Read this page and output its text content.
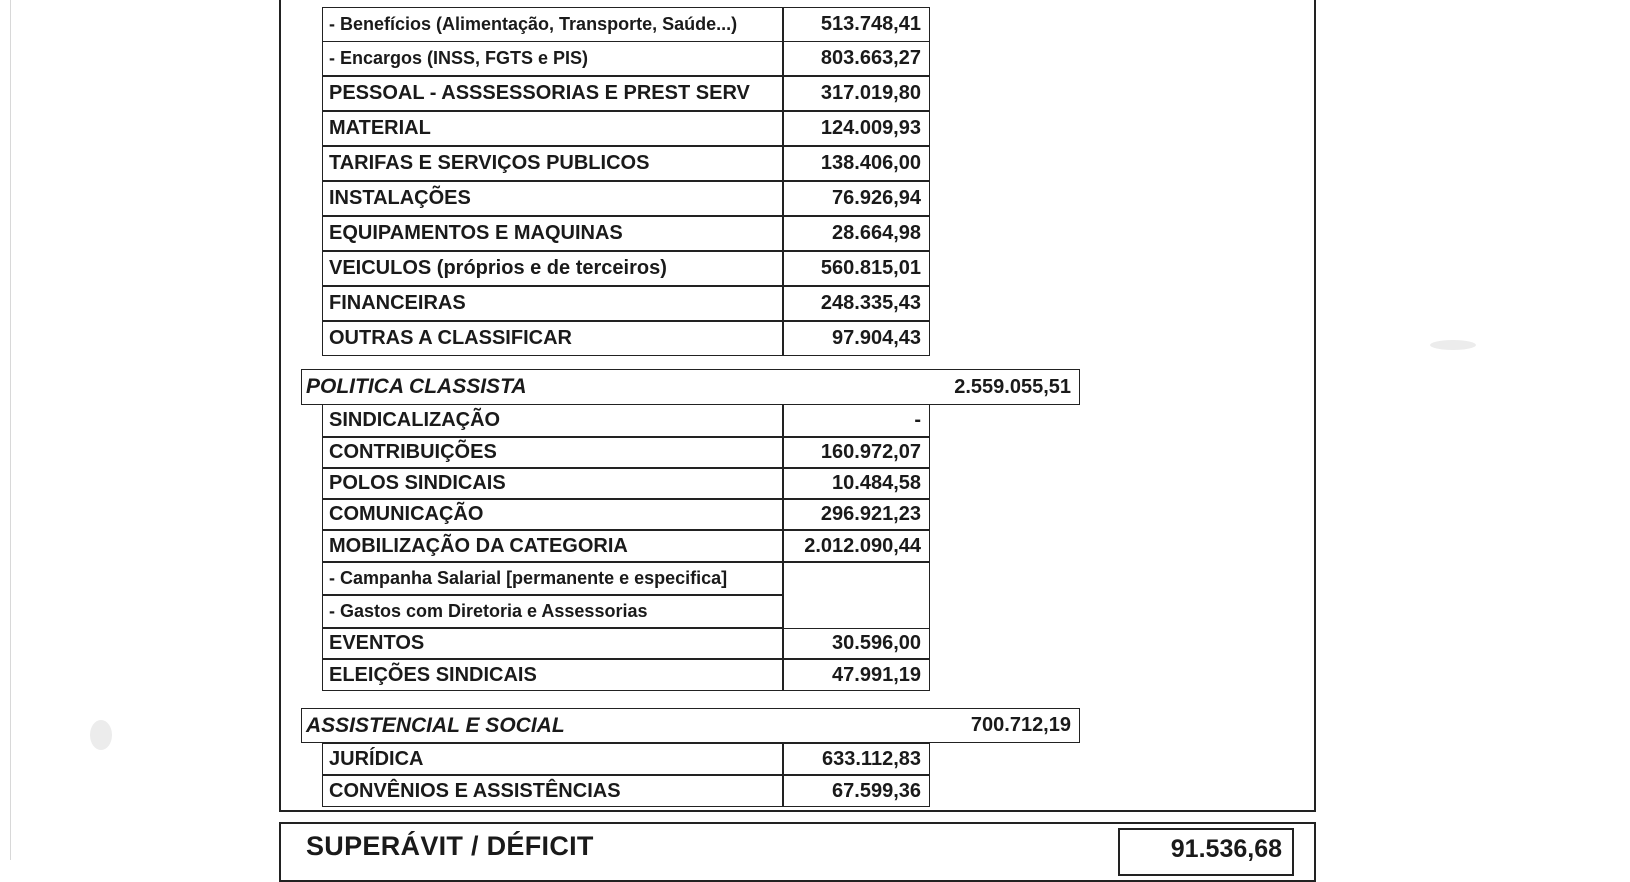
- Benefícios (Alimentação, Transporte, Saúde...)	513.748,41
- Encargos (INSS, FGTS e PIS)	803.663,27
PESSOAL - ASSSESSORIAS E PREST SERV	317.019,80
MATERIAL	124.009,93
TARIFAS E SERVIÇOS PUBLICOS	138.406,00
INSTALAÇÕES	76.926,94
EQUIPAMENTOS E MAQUINAS	28.664,98
VEICULOS (próprios e de terceiros)	560.815,01
FINANCEIRAS	248.335,43
OUTRAS A CLASSIFICAR	97.904,43
POLITICA CLASSISTA	2.559.055,51
SINDICALIZAÇÃO	-
CONTRIBUIÇÕES	160.972,07
POLOS SINDICAIS	10.484,58
COMUNICAÇÃO	296.921,23
MOBILIZAÇÃO DA CATEGORIA	2.012.090,44
- Campanha Salarial [permanente e especifica]
- Gastos com Diretoria e Assessorias
EVENTOS	30.596,00
ELEIÇÕES SINDICAIS	47.991,19
ASSISTENCIAL E SOCIAL	700.712,19
JURÍDICA	633.112,83
CONVÊNIOS E ASSISTÊNCIAS	67.599,36
SUPERÁVIT / DÉFICIT	91.536,68
